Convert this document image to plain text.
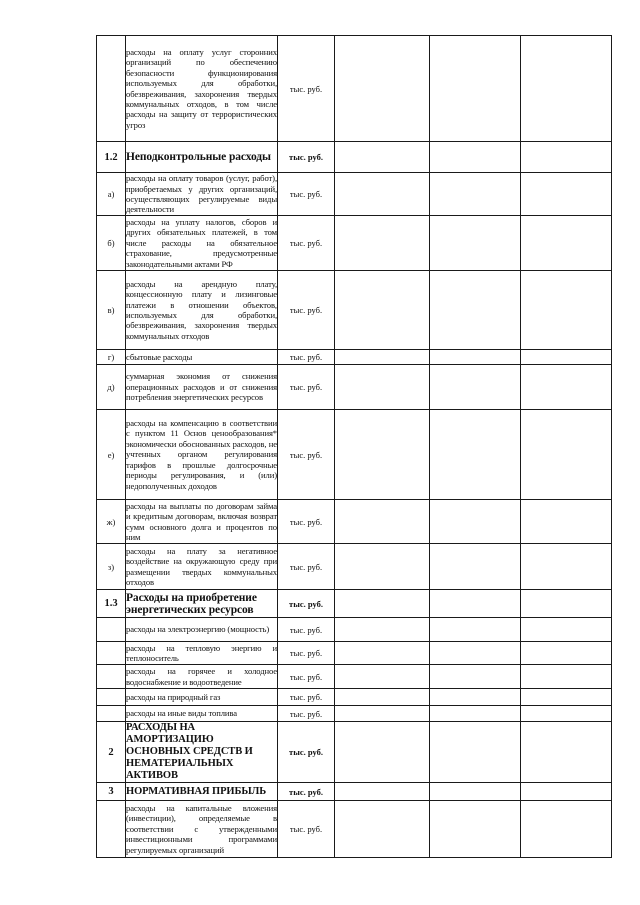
	расходы на оплату услуг сторонних организаций по обеспечению безопасности функционирования используемых для обработки, обезвреживания, захоронения твердых коммунальных отходов, в том числе расходы на защиту от террористических угроз	тыс. руб.			
1.2	Неподконтрольные расходы	тыс. руб.			
а)	расходы на оплату товаров (услуг, работ), приобретаемых у других организаций, осуществляющих регулируемые виды деятельности	тыс. руб.			
б)	расходы на уплату налогов, сборов и других обязательных платежей, в том числе расходы на обязательное страхование, предусмотренные законодательными актами РФ	тыс. руб.			
в)	расходы на арендную плату, концессионную плату и лизинговые платежи в отношении объектов, используемых для обработки, обезвреживания, захоронения твердых коммунальных отходов	тыс. руб.			
г)	сбытовые расходы	тыс. руб.			
д)	суммарная экономия от снижения операционных расходов и от снижения потребления энергетических ресурсов	тыс. руб.			
е)	расходы на компенсацию в соответствии с пунктом 11 Основ ценообразования* экономически обоснованных расходов, не учтенных органом регулирования тарифов в прошлые долгосрочные периоды регулирования, и (или) недополученных доходов	тыс. руб.			
ж)	расходы на выплаты по договорам займа и кредитным договорам, включая возврат сумм основного долга и процентов по ним	тыс. руб.			
з)	расходы на плату за негативное воздействие на окружающую среду при размещении твердых коммунальных отходов	тыс. руб.			
1.3	Расходы на приобретение энергетических ресурсов	тыс. руб.			
	расходы на электроэнергию (мощность)	тыс. руб.			
	расходы на тепловую энергию и теплоноситель	тыс. руб.			
	расходы на горячее и холодное водоснабжение и водоотведение	тыс. руб.			
	расходы на природный газ	тыс. руб.			
	расходы на иные виды топлива	тыс. руб.			
2	РАСХОДЫ НА АМОРТИЗАЦИЮ ОСНОВНЫХ СРЕДСТВ И НЕМАТЕРИАЛЬНЫХ АКТИВОВ	тыс. руб.			
3	НОРМАТИВНАЯ ПРИБЫЛЬ	тыс. руб.			
	расходы на капитальные вложения (инвестиции), определяемые в соответствии с утвержденными инвестиционными программами регулируемых организаций	тыс. руб.			
